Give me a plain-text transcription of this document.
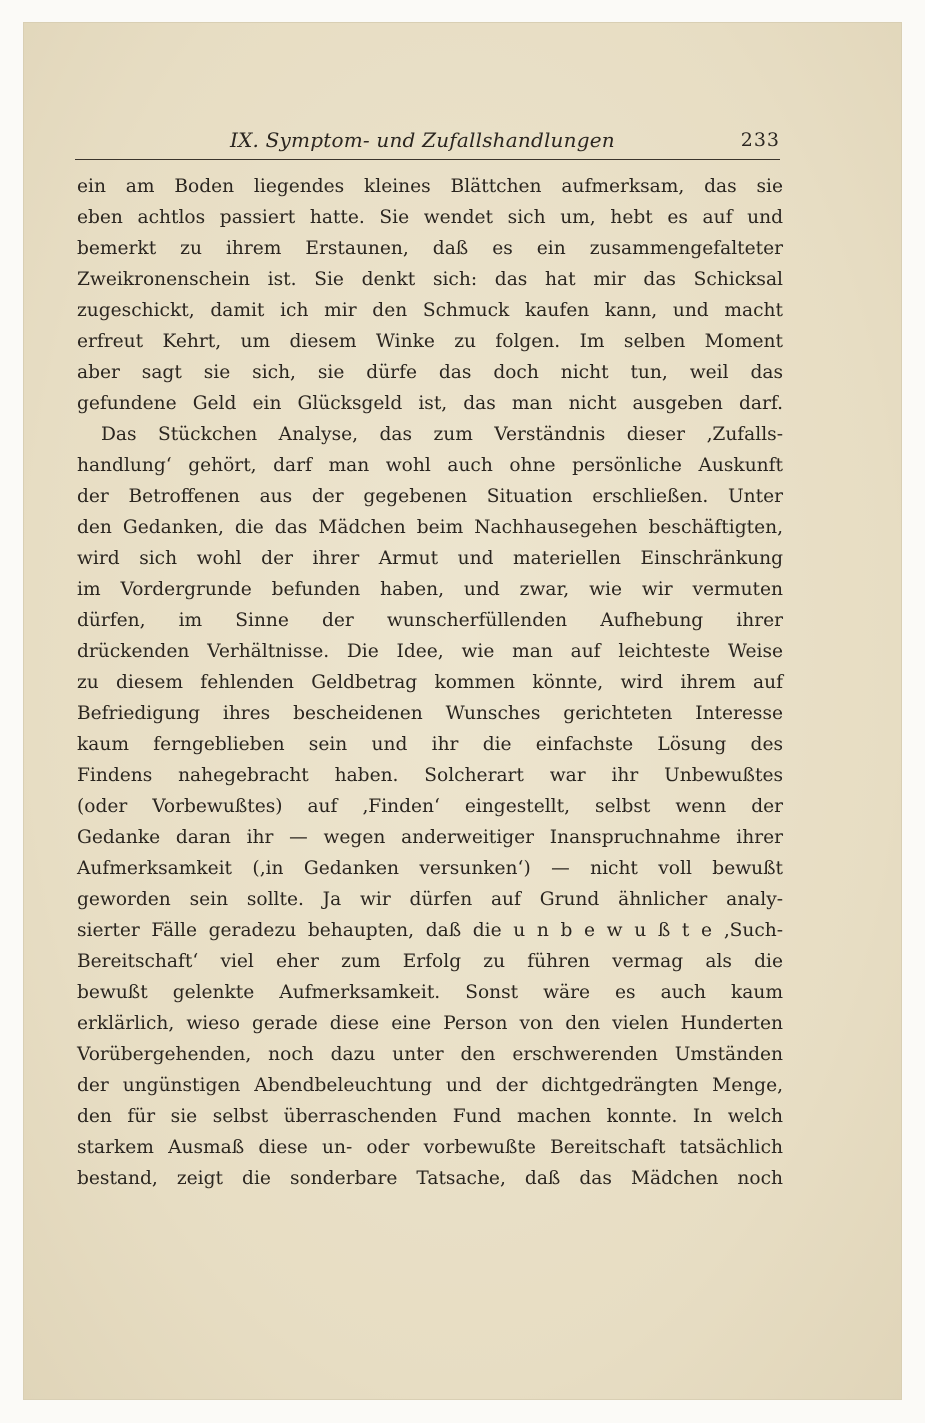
IX. Symptom- und Zufallshandlungen	233
ein am Boden liegendes kleines Blättchen aufmerksam, das sie
eben achtlos passiert hatte. Sie wendet sich um, hebt es auf und
bemerkt zu ihrem Erstaunen, daß es ein zusammengefalteter
Zweikronenschein ist. Sie denkt sich: das hat mir das Schicksal
zugeschickt, damit ich mir den Schmuck kaufen kann, und macht
erfreut Kehrt, um diesem Winke zu folgen. Im selben Moment
aber sagt sie sich, sie dürfe das doch nicht tun, weil das
gefundene Geld ein Glücksgeld ist, das man nicht ausgeben darf.
Das Stückchen Analyse, das zum Verständnis dieser ‚Zufalls-
handlung‘ gehört, darf man wohl auch ohne persönliche Auskunft
der Betroffenen aus der gegebenen Situation erschließen. Unter
den Gedanken, die das Mädchen beim Nachhausegehen beschäftigten,
wird sich wohl der ihrer Armut und materiellen Einschränkung
im Vordergrunde befunden haben, und zwar, wie wir vermuten
dürfen, im Sinne der wunscherfüllenden Aufhebung ihrer
drückenden Verhältnisse. Die Idee, wie man auf leichteste Weise
zu diesem fehlenden Geldbetrag kommen könnte, wird ihrem auf
Befriedigung ihres bescheidenen Wunsches gerichteten Interesse
kaum ferngeblieben sein und ihr die einfachste Lösung des
Findens nahegebracht haben. Solcherart war ihr Unbewußtes
(oder Vorbewußtes) auf ‚Finden‘ eingestellt, selbst wenn der
Gedanke daran ihr — wegen anderweitiger Inanspruchnahme ihrer
Aufmerksamkeit (‚in Gedanken versunken‘) — nicht voll bewußt
geworden sein sollte. Ja wir dürfen auf Grund ähnlicher analy-
sierter Fälle geradezu behaupten, daß die u n b e w u ß t e ‚Such-
Bereitschaft‘ viel eher zum Erfolg zu führen vermag als die
bewußt gelenkte Aufmerksamkeit. Sonst wäre es auch kaum
erklärlich, wieso gerade diese eine Person von den vielen Hunderten
Vorübergehenden, noch dazu unter den erschwerenden Umständen
der ungünstigen Abendbeleuchtung und der dichtgedrängten Menge,
den für sie selbst überraschenden Fund machen konnte. In welch
starkem Ausmaß diese un- oder vorbewußte Bereitschaft tatsächlich
bestand, zeigt die sonderbare Tatsache, daß das Mädchen noch
